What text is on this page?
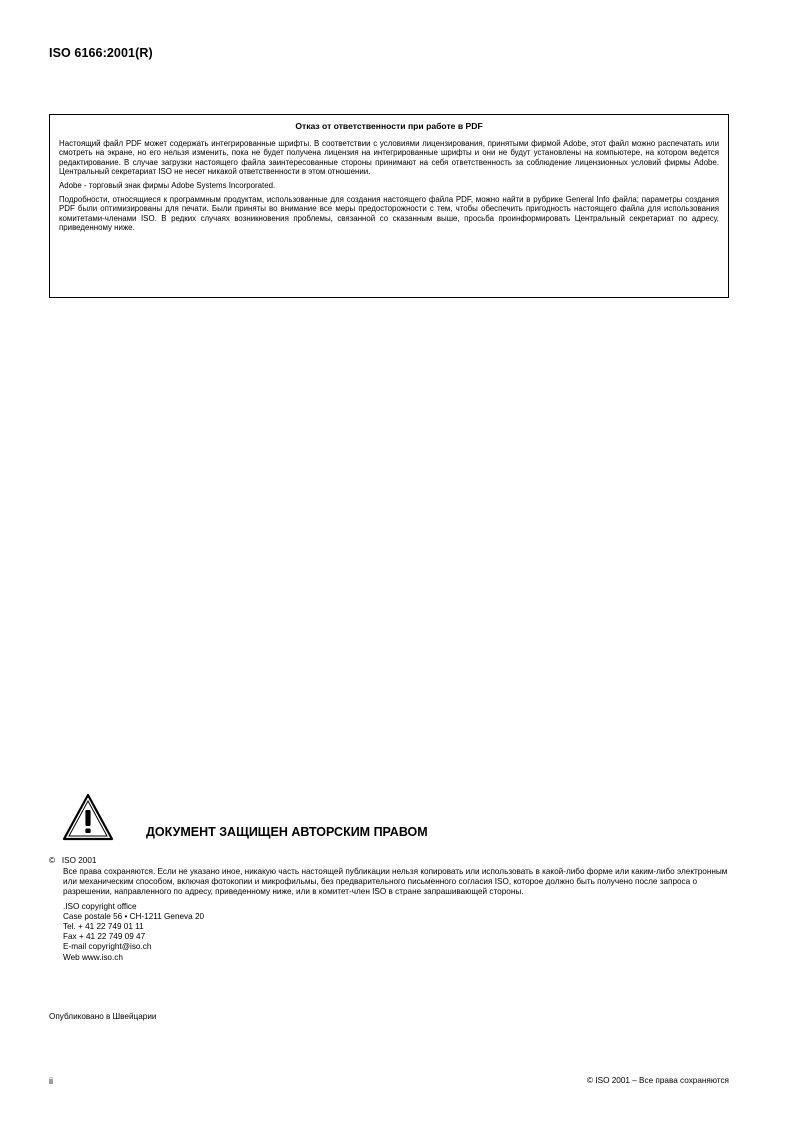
ISO 6166:2001(R)
Отказ от ответственности при работе в PDF

Настоящий файл PDF может содержать интегрированные шрифты. В соответствии с условиями лицензирования, принятыми фирмой Adobe, этот файл можно распечатать или смотреть на экране, но его нельзя изменить, пока не будет получена лицензия на интегрированные шрифты и они не будут установлены на компьютере, на котором ведется редактирование. В случае загрузки настоящего файла заинтересованные стороны принимают на себя ответственность за соблюдение лицензионных условий фирмы Adobe. Центральный секретариат ISO не несет никакой ответственности в этом отношении.

Adobe - торговый знак фирмы Adobe Systems Incorporated.

Подробности, относящиеся к программным продуктам, использованные для создания настоящего файла PDF, можно найти в рубрике General Info файла; параметры создания PDF были оптимизированы для печати. Были приняты во внимание все меры предосторожности с тем, чтобы обеспечить пригодность настоящего файла для использования комитетами-членами ISO. В редких случаях возникновения проблемы, связанной со сказанным выше, просьба проинформировать Центральный секретариат по адресу, приведенному ниже.

ДОКУМЕНТ ЗАЩИЩЕН АВТОРСКИМ ПРАВОМ
© ISO 2001

Все права сохраняются. Если не указано иное, никакую часть настоящей публикации нельзя копировать или использовать в какой-либо форме или каким-либо электронным или механическим способом, включая фотокопии и микрофильмы, без предварительного письменного согласия ISO, которое должно быть получено после запроса о разрешении, направленного по адресу, приведенному ниже, или в комитет-член ISO в стране запрашивающей стороны.

.ISO copyright office
Case postale 56 • CH-1211 Geneva 20
Tel. + 41 22 749 01 11
Fax + 41 22 749 09 47
E-mail copyright@iso.ch
Web www.iso.ch
Опубликовано в Швейцарии
ii	© ISO 2001 – Все права сохраняются
